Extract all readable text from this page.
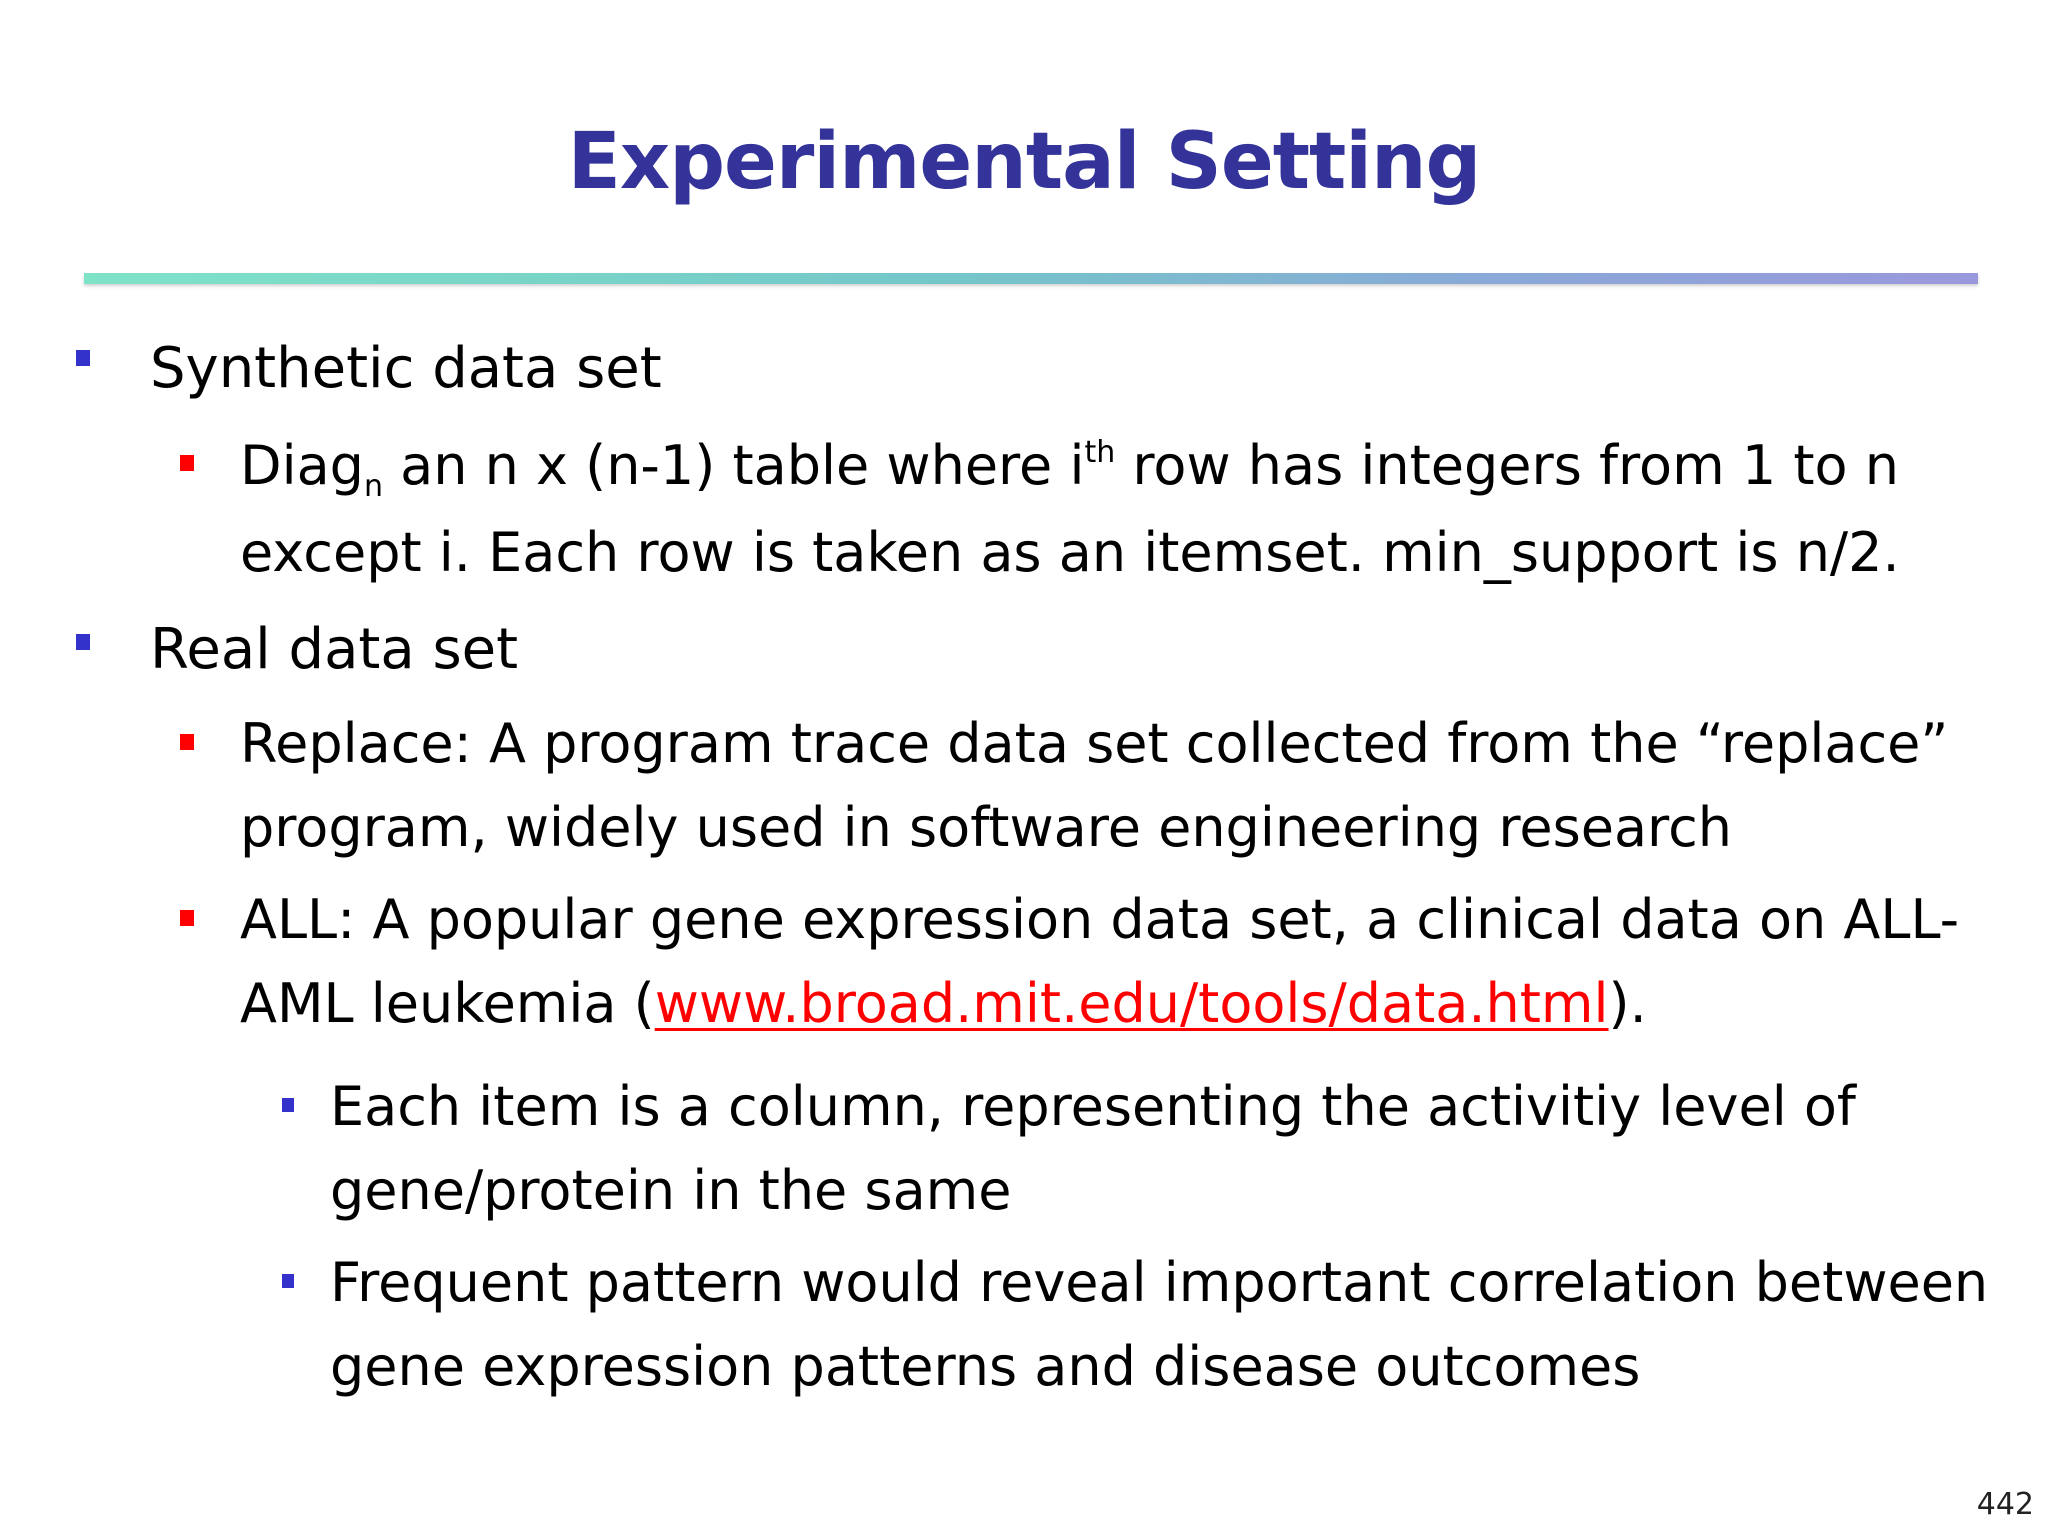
Experimental Setting
Synthetic data set
Diag$_n$ an n x (n-1) table where $i^{th}$ row has integers from 1 to n
except i. Each row is taken as an itemset. min_support is n/2.
Real data set
Replace: A program trace data set collected from the “replace”
program, widely used in software engineering research
ALL: A popular gene expression data set, a clinical data on ALL-
AML leukemia (www.broad.mit.edu/tools/data.html).
Each item is a column, representing the activitiy level of
gene/protein in the same
Frequent pattern would reveal important correlation between
gene expression patterns and disease outcomes
442
